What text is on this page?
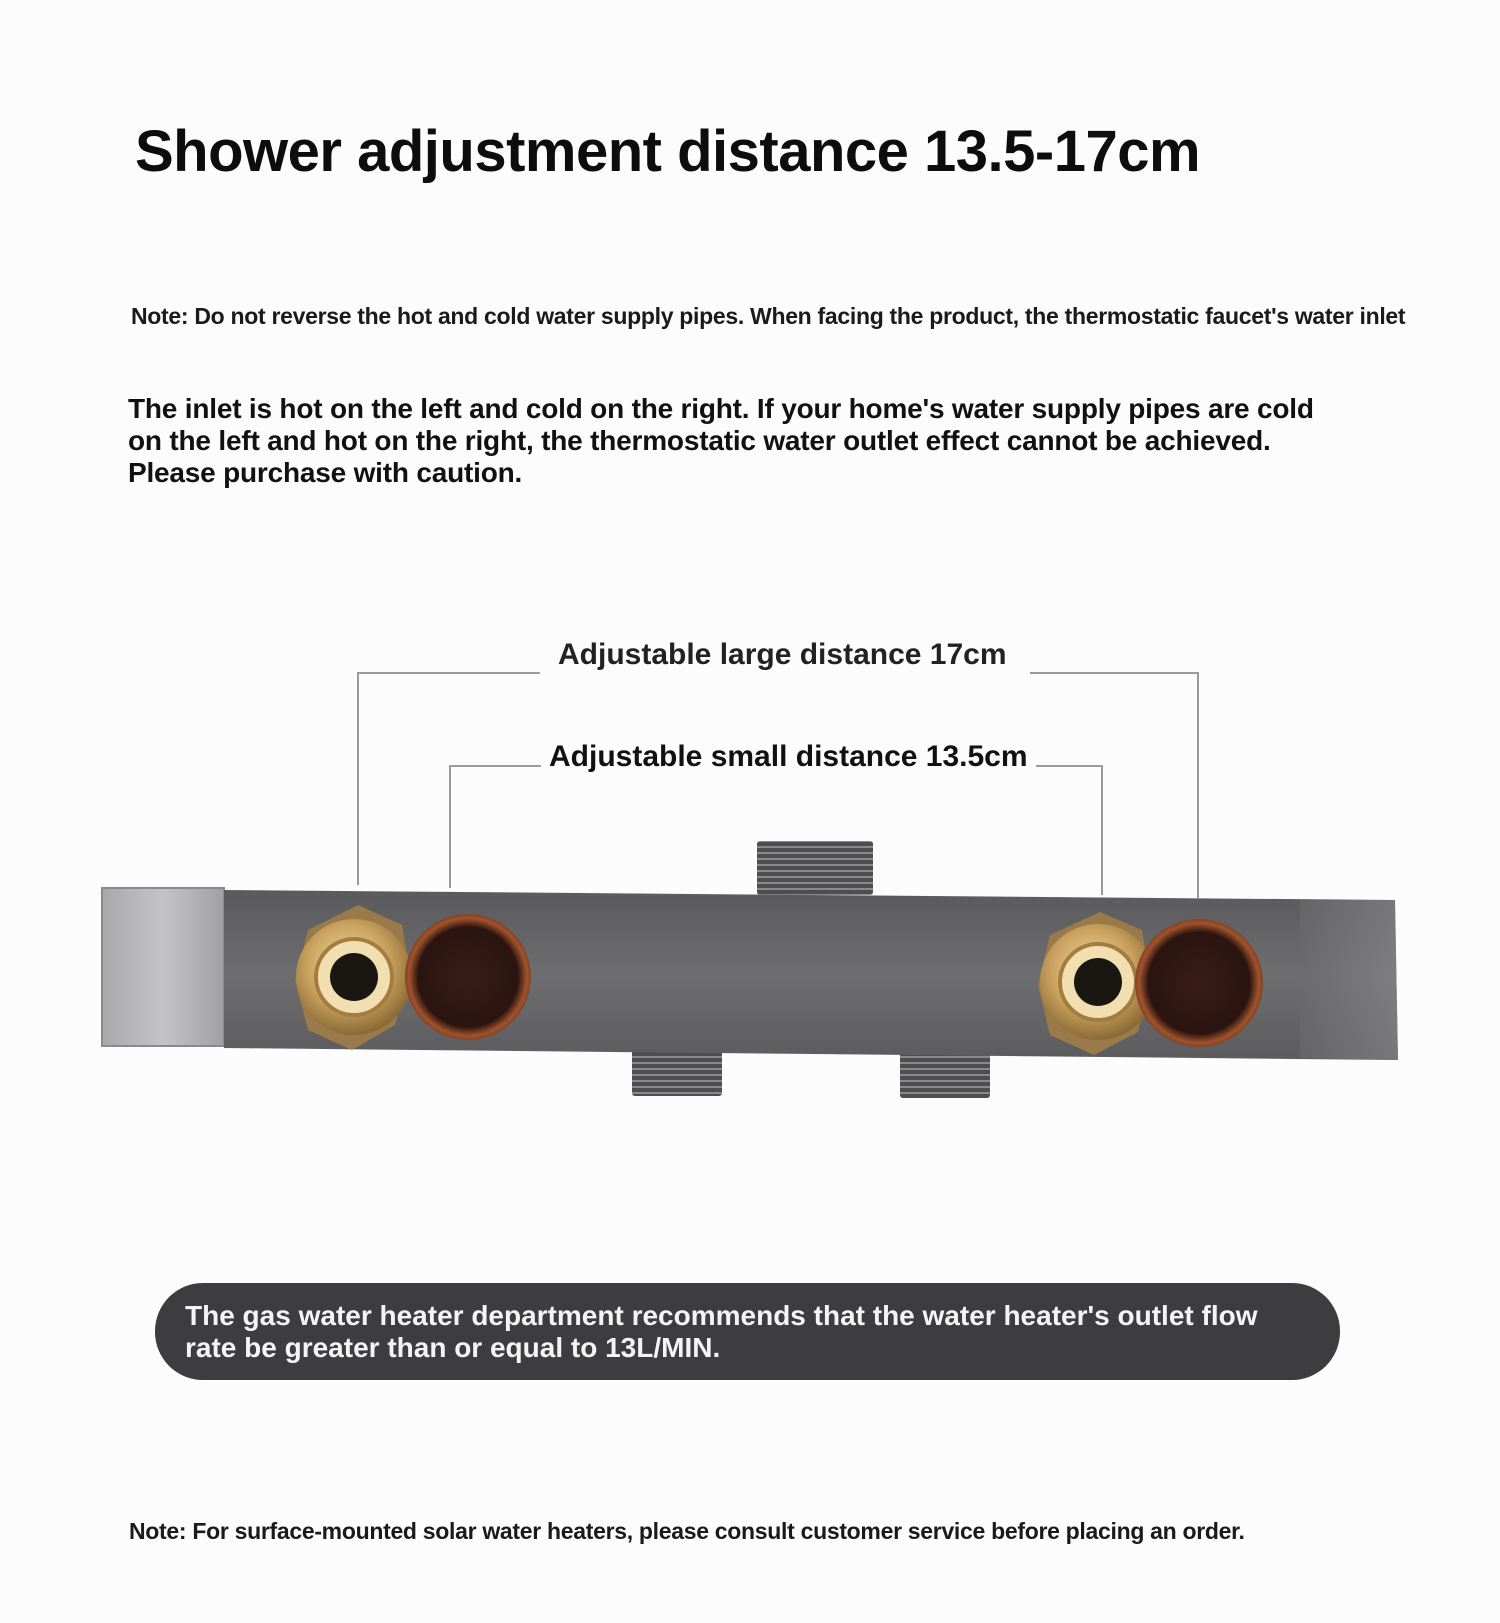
Shower adjustment distance 13.5-17cm
Note: Do not reverse the hot and cold water supply pipes. When facing the product, the thermostatic faucet's water inlet
The inlet is hot on the left and cold on the right. If your home's water supply pipes are cold
on the left and hot on the right, the thermostatic water outlet effect cannot be achieved.
Please purchase with caution.
Adjustable large distance 17cm
Adjustable small distance 13.5cm
The gas water heater department recommends that the water heater's outlet flow
rate be greater than or equal to 13L/MIN.
Note: For surface-mounted solar water heaters, please consult customer service before placing an order.
